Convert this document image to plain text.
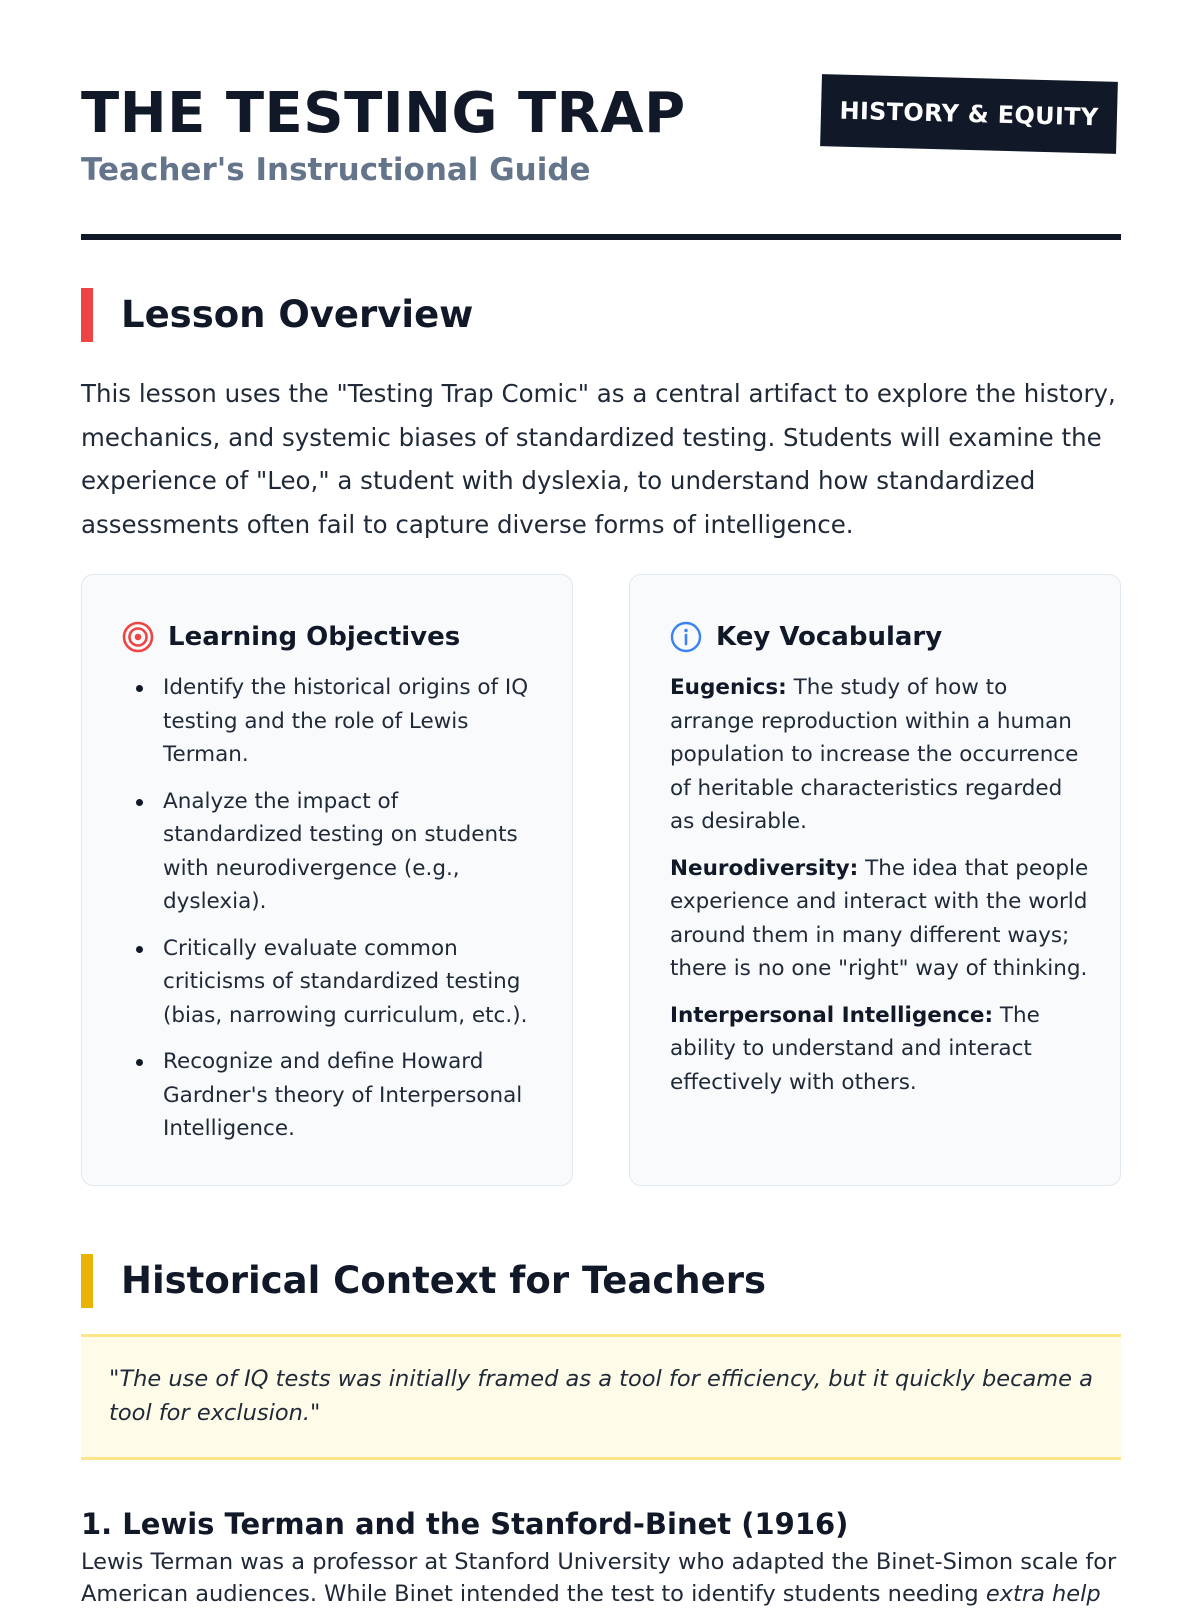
THE TESTING TRAP
Teacher's Instructional Guide
HISTORY & EQUITY
Lesson Overview

This lesson uses the "Testing Trap Comic" as a central artifact to explore the history, mechanics, and systemic biases of standardized testing. Students will examine the experience of "Leo," a student with dyslexia, to understand how standardized assessments often fail to capture diverse forms of intelligence.

Learning Objectives
Identify the historical origins of IQ testing and the role of Lewis Terman.
Analyze the impact of standardized testing on students with neurodivergence (e.g., dyslexia).
Critically evaluate common criticisms of standardized testing (bias, narrowing curriculum, etc.).
Recognize and define Howard Gardner's theory of Interpersonal Intelligence.
Key Vocabulary

Eugenics: The study of how to arrange reproduction within a human population to increase the occurrence of heritable characteristics regarded as desirable.

Neurodiversity: The idea that people experience and interact with the world around them in many different ways; there is no one "right" way of thinking.

Interpersonal Intelligence: The ability to understand and interact effectively with others.

Historical Context for Teachers

"The use of IQ tests was initially framed as a tool for efficiency, but it quickly became a tool for exclusion."

1. Lewis Terman and the Stanford-Binet (1916)

Lewis Terman was a professor at Stanford University who adapted the Binet-Simon scale for American audiences. While Binet intended the test to identify students needing extra help
